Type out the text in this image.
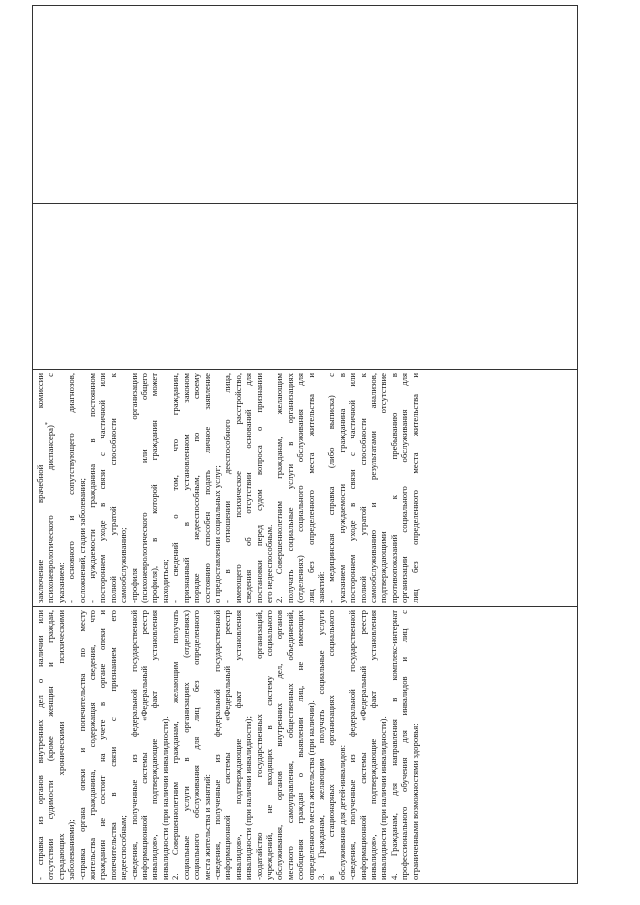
- справка из органов внутренних дел о наличии или отсутствии судимости (кроме женщин и граждан, страдающих хроническими психическими заболеваниями); -справка органа опеки и попечительства по месту жительства гражданина, содержащая сведения, что гражданин не состоит на учете в органе опеки и попечительства в связи с признанием его недееспособным; -сведения, полученные из федеральной государственной информационной системы «Федеральный реестр инвалидов», подтверждающие факт установления инвалидности (при наличии инвалидности). 2. Совершеннолетним гражданам, желающим получать социальные услуги в организациях (отделениях) социального обслуживания для лиц без определенного места жительства и занятий: -сведения, полученные из федеральной государственной информационной системы «Федеральный реестр инвалидов», подтверждающие факт установления инвалидности (при наличии инвалидности); -ходатайство государственных организаций, учреждений, не входящих в систему социального обслуживания, органов внутренних дел, органов местного самоуправления, общественных объединений, сообщения граждан о выявлении лиц, не имеющих определенного места жительства (при наличии). 3. Гражданам, желающим получать социальные услуги в стационарных организациях социального обслуживания для детей-инвалидов: -сведения, полученные из федеральной государственной информационной системы «Федеральный реестр инвалидов», подтверждающие факт установления инвалидности (при наличии инвалидности). 4. Гражданам, для направления в комплекс-интернат профессионального обучения для инвалидов и лиц с ограниченными возможностями здоровья:

заключение врачебной комиссии психоневрологического диспансера)* с
указанием: - основного и сопутствующего диагнозов, осложнений, стадии заболевания; - нуждаемости гражданина в постоянном постороннем уходе в связи с частичной или полной утратой способности к самообслуживанию; -профиля организации (психоневрологического или общего профиля), в которой гражданин может находиться; - сведений о том, что гражданин, признанный в установленном законом порядке недееспособным, по своему состоянию способен подать личное заявление о предоставлении социальных услуг; - в отношении дееспособного лица, имеющего психическое расстройство, сведения об отсутствии оснований для постановки перед судом вопроса о признании его недееспособным. 2. Совершеннолетним гражданам, желающим получать социальные услуги в организациях (отделениях) социального обслуживания для лиц без определенного места жительства и занятий: - медицинская справка (либо выписка) с указанием нуждаемости гражданина в постороннем уходе в связи с частичной или полной утратой способности к самообслуживанию и результатами анализов, подтверждающими отсутствие противопоказаний к пребыванию в организации социального обслуживания для лиц без определенного места жительства и
